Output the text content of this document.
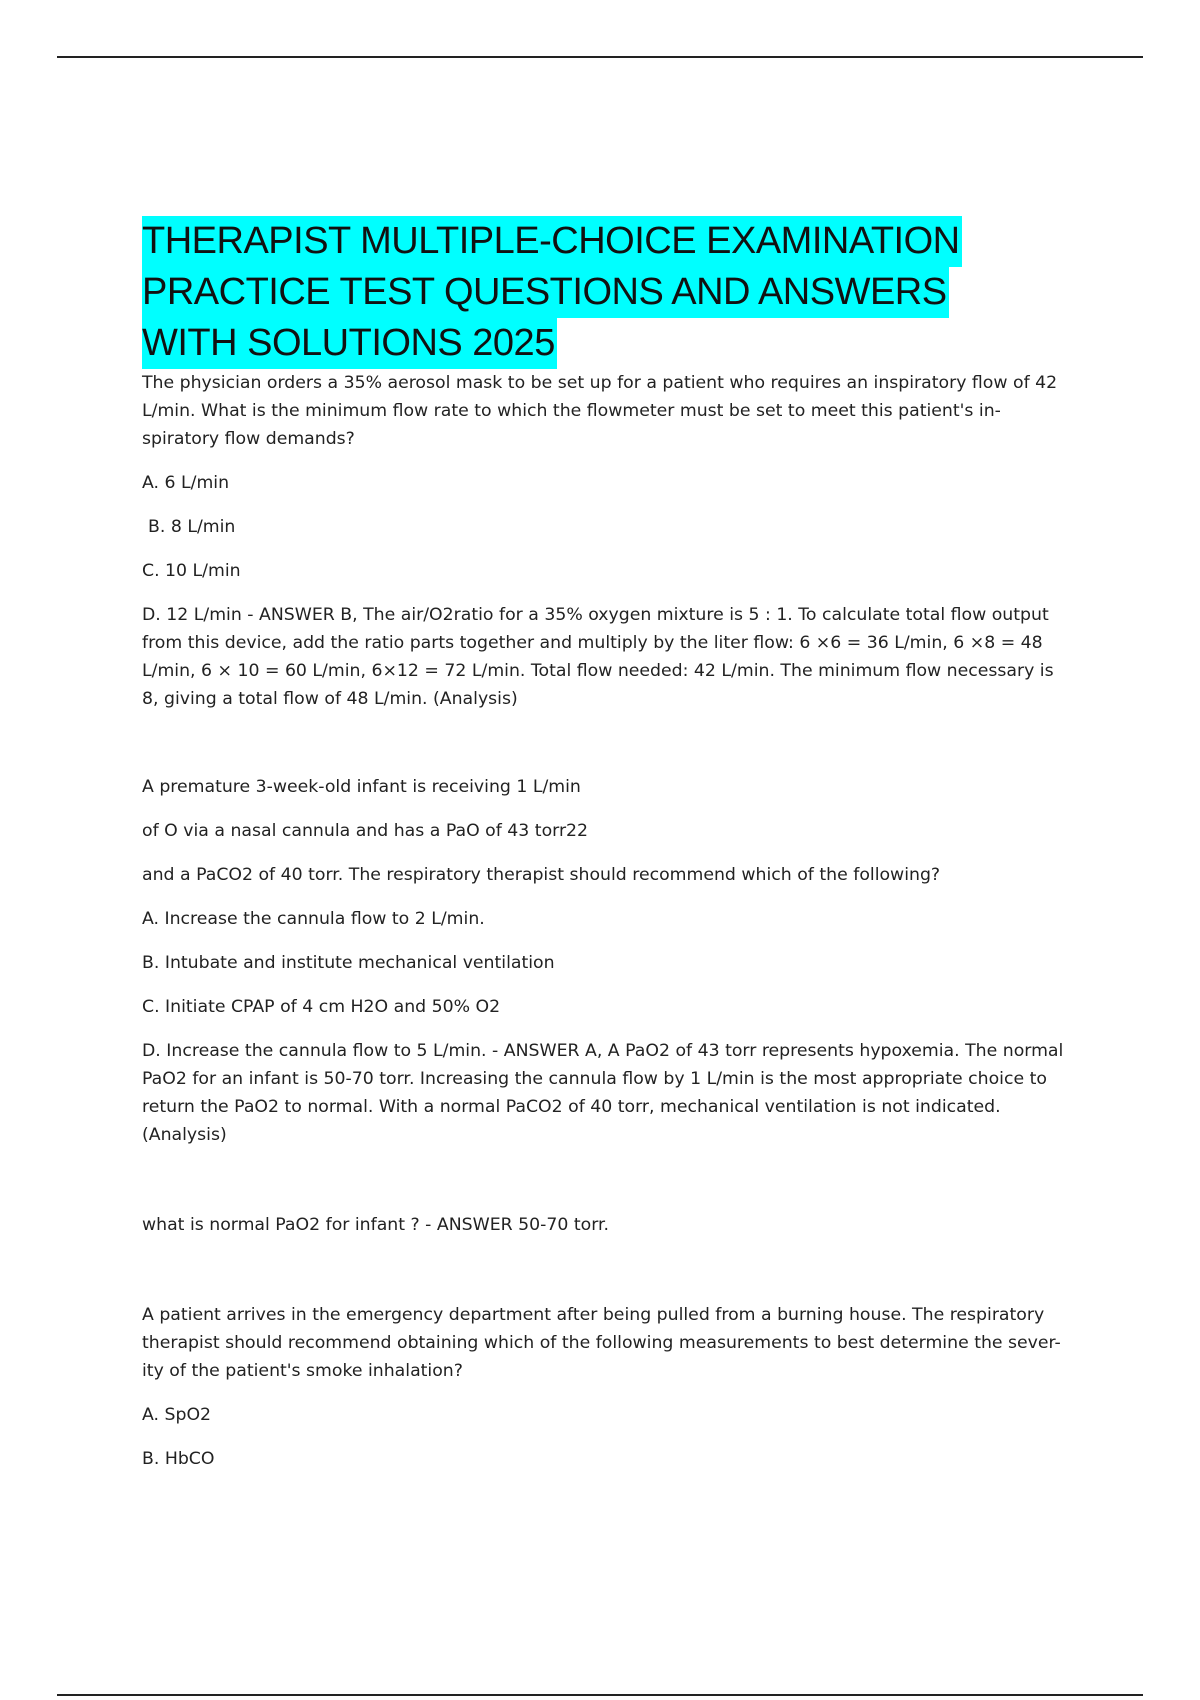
THERAPIST MULTIPLE-CHOICE EXAMINATION
PRACTICE TEST QUESTIONS AND ANSWERS
WITH SOLUTIONS 2025

The physician orders a 35% aerosol mask to be set up for a patient who requires an inspiratory flow of 42 L/min. What is the minimum flow rate to which the flowmeter must be set to meet this patient's in- spiratory flow demands?

A. 6 L/min

B. 8 L/min

C. 10 L/min

D. 12 L/min - ANSWER B, The air/O2ratio for a 35% oxygen mixture is 5 : 1. To calculate total flow output from this device, add the ratio parts together and multiply by the liter flow: 6 ×6 = 36 L/min, 6 ×8 = 48 L/min, 6 × 10 = 60 L/min, 6×12 = 72 L/min. Total flow needed: 42 L/min. The minimum flow necessary is 8, giving a total flow of 48 L/min. (Analysis)

A premature 3-week-old infant is receiving 1 L/min

of O via a nasal cannula and has a PaO of 43 torr22

and a PaCO2 of 40 torr. The respiratory therapist should recommend which of the following?

A. Increase the cannula flow to 2 L/min.

B. Intubate and institute mechanical ventilation

C. Initiate CPAP of 4 cm H2O and 50% O2

D. Increase the cannula flow to 5 L/min. - ANSWER A, A PaO2 of 43 torr represents hypoxemia. The normal PaO2 for an infant is 50-70 torr. Increasing the cannula flow by 1 L/min is the most appropriate choice to return the PaO2 to normal. With a normal PaCO2 of 40 torr, mechanical ventilation is not indicated. (Analysis)

what is normal PaO2 for infant ? - ANSWER 50-70 torr.

A patient arrives in the emergency department after being pulled from a burning house. The respiratory therapist should recommend obtaining which of the following measurements to best determine the sever- ity of the patient's smoke inhalation?

A. SpO2

B. HbCO
